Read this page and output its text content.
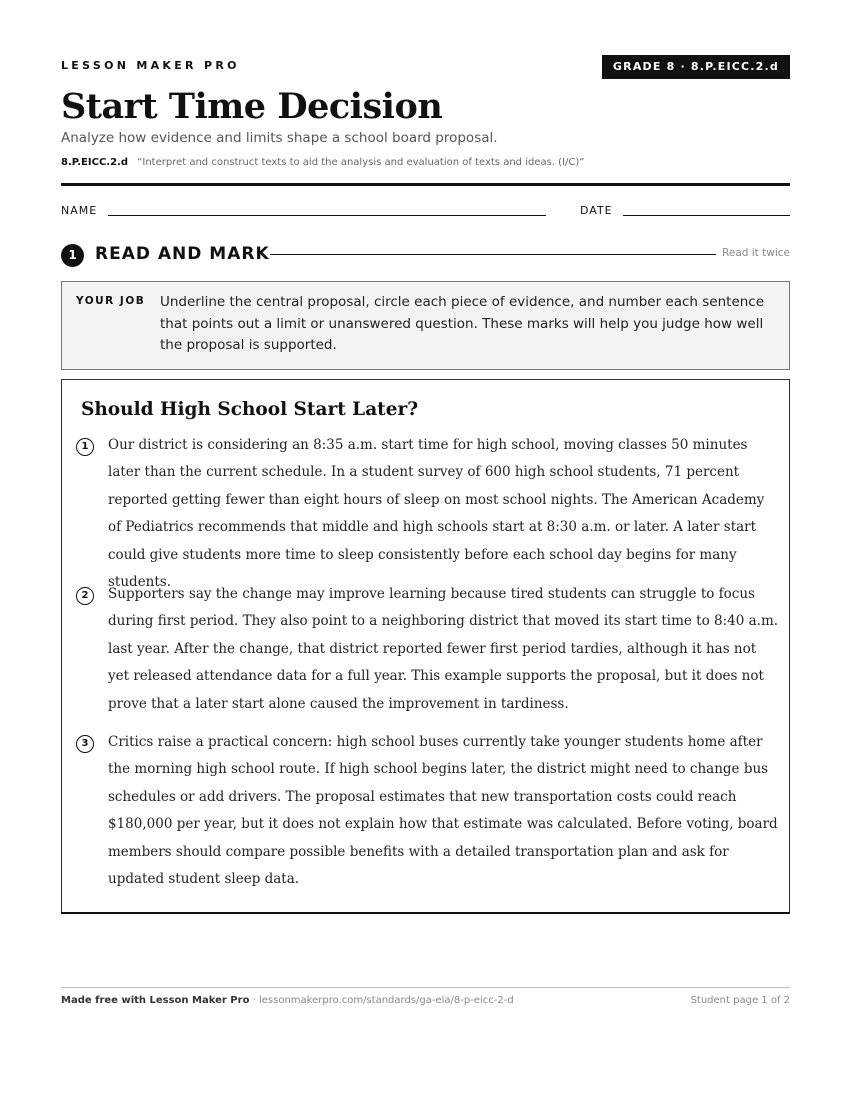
LESSON MAKER PRO	GRADE 8 · 8.P.EICC.2.d
Start Time Decision
Analyze how evidence and limits shape a school board proposal.
8.P.EICC.2.d “Interpret and construct texts to aid the analysis and evaluation of texts and ideas. (I/C)”
NAME	DATE
1	READ AND MARK	Read it twice
YOUR JOB Underline the central proposal, circle each piece of evidence, and number each sentence that points out a limit or unanswered question. These marks will help you judge how well the proposal is supported.
Should High School Start Later?
1	Our district is considering an 8:35 a.m. start time for high school, moving classes 50 minutes later than the current schedule. In a student survey of 600 high school students, 71 percent reported getting fewer than eight hours of sleep on most school nights. The American Academy of Pediatrics recommends that middle and high schools start at 8:30 a.m. or later. A later start could give students more time to sleep consistently before each school day begins for many students.

2	Supporters say the change may improve learning because tired students can struggle to focus during first period. They also point to a neighboring district that moved its start time to 8:40 a.m. last year. After the change, that district reported fewer first period tardies, although it has not yet released attendance data for a full year. This example supports the proposal, but it does not prove that a later start alone caused the improvement in tardiness.

3	Critics raise a practical concern: high school buses currently take younger students home after the morning high school route. If high school begins later, the district might need to change bus schedules or add drivers. The proposal estimates that new transportation costs could reach $180,000 per year, but it does not explain how that estimate was calculated. Before voting, board members should compare possible benefits with a detailed transportation plan and ask for updated student sleep data.

Made free with Lesson Maker Pro · lessonmakerpro.com/standards/ga-ela/8-p-eicc-2-d	Student page 1 of 2
